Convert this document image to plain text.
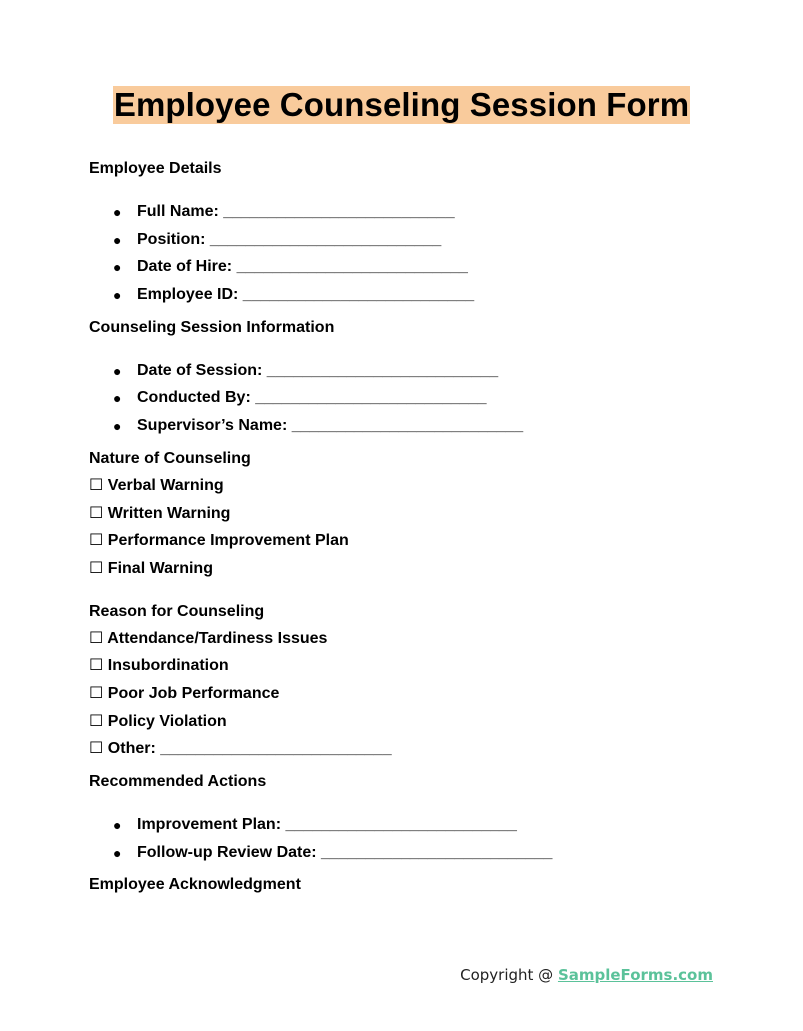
Employee Counseling Session Form
Employee Details
● Full Name: __________________________
● Position: __________________________
● Date of Hire: __________________________
● Employee ID: __________________________
Counseling Session Information
● Date of Session: __________________________
● Conducted By: __________________________
● Supervisor’s Name: __________________________
Nature of Counseling
☐ Verbal Warning
☐ Written Warning
☐ Performance Improvement Plan
☐ Final Warning
Reason for Counseling
☐ Attendance/Tardiness Issues
☐ Insubordination
☐ Poor Job Performance
☐ Policy Violation
☐ Other: __________________________
Recommended Actions
● Improvement Plan: __________________________
● Follow-up Review Date: __________________________
Employee Acknowledgment
Copyright @ SampleForms.com
